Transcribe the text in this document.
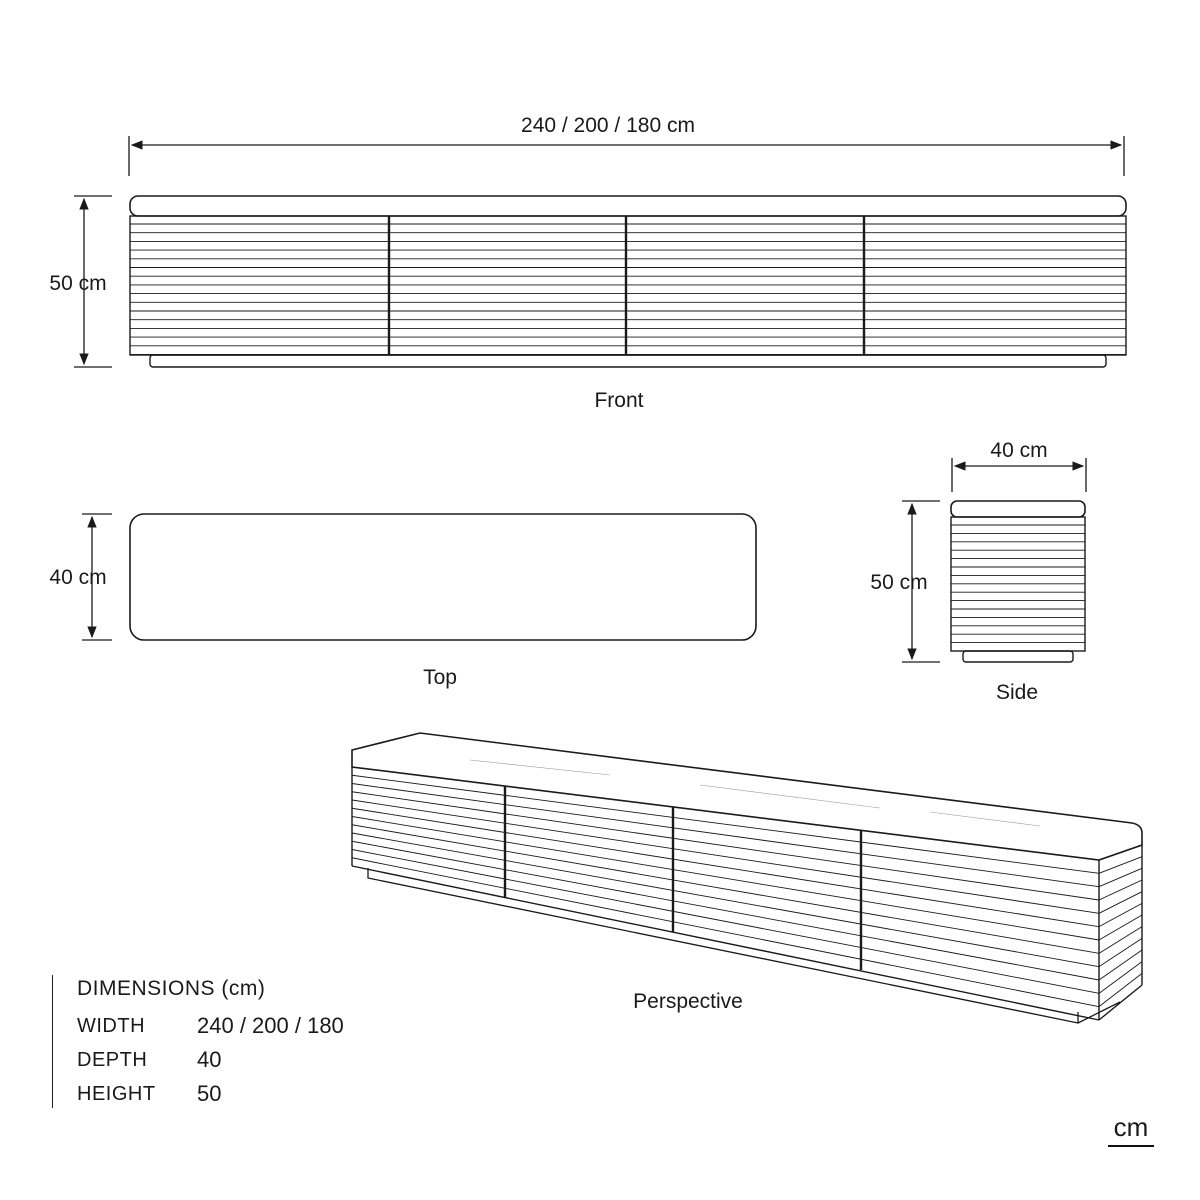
240 / 200 / 180 cm
50 cm
Front
40 cm
Top
40 cm
50 cm
Side
Perspective
DIMENSIONS (cm)
WIDTH	240 / 200 / 180
DEPTH	40
HEIGHT	50
cm
